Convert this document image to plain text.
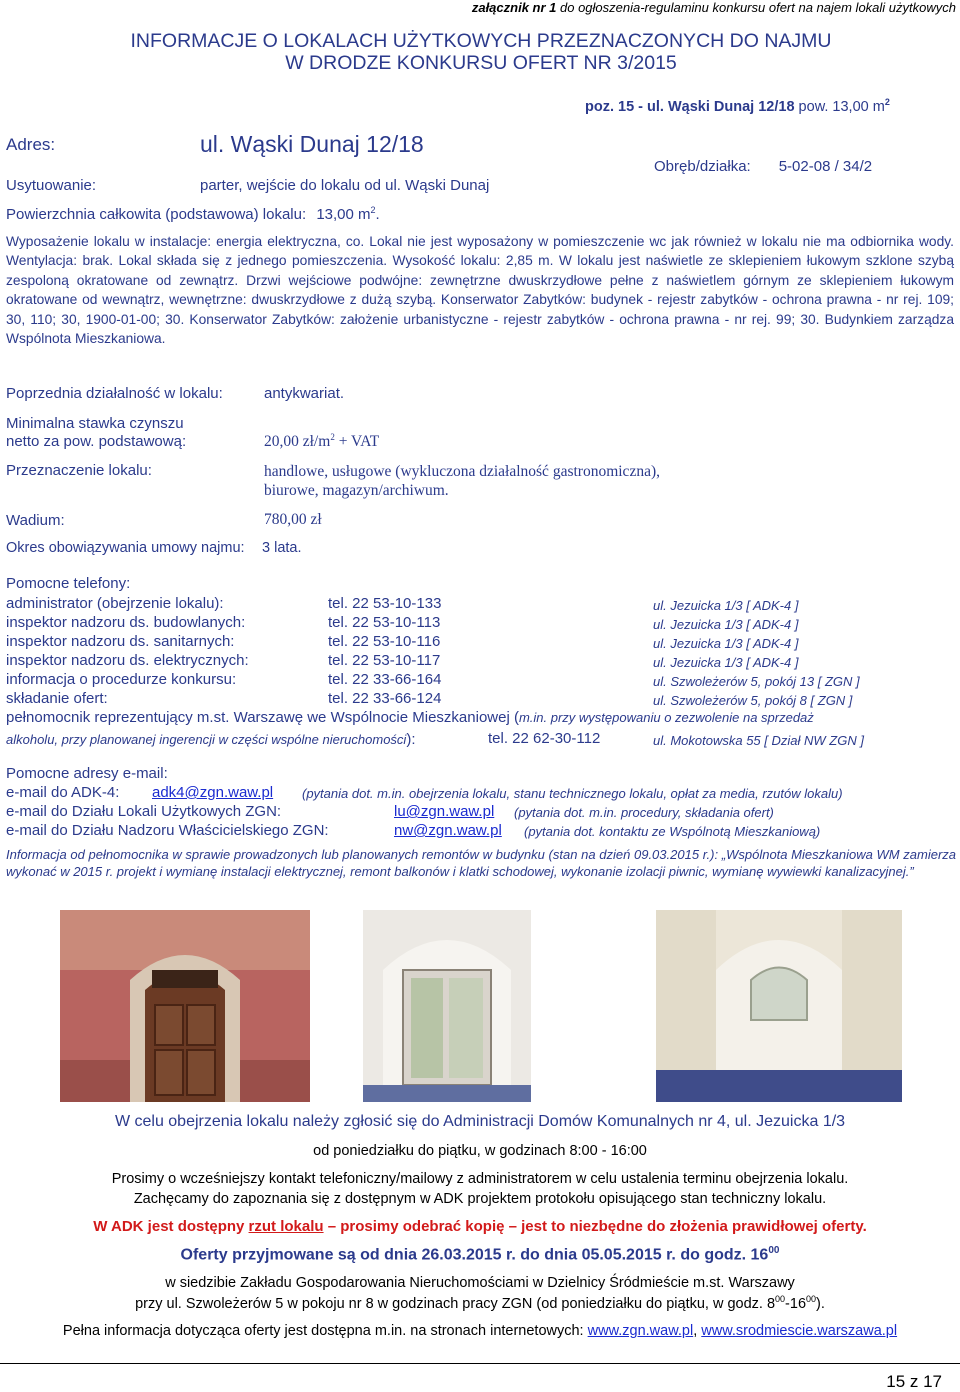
załącznik nr 1 do ogłoszenia-regulaminu konkursu ofert na najem lokali użytkowych
INFORMACJE O LOKALACH UŻYTKOWYCH PRZEZNACZONYCH DO NAJMU
W DRODZE KONKURSU OFERT NR 3/2015
poz. 15 - ul. Wąski Dunaj 12/18 pow. 13,00 $m^2$
Adres:	ul. Wąski Dunaj 12/18
Obręb/działka: 5-02-08 / 34/2
Usytuowanie:	parter, wejście do lokalu od ul. Wąski Dunaj
Powierzchnia całkowita (podstawowa) lokalu: 13,00 $m^2$.
Wyposażenie lokalu w instalacje: energia elektryczna, co. Lokal nie jest wyposażony w pomieszczenie wc jak również w lokalu nie ma odbiornika wody. Wentylacja: brak. Lokal składa się z jednego pomieszczenia. Wysokość lokalu: 2,85 m. W lokalu jest naświetle ze sklepieniem łukowym szklone szybą zespoloną okratowane od zewnątrz. Drzwi wejściowe podwójne: zewnętrzne dwuskrzydłowe pełne z naświetlem górnym ze sklepieniem łukowym okratowane od wewnątrz, wewnętrzne: dwuskrzydłowe z dużą szybą. Konserwator Zabytków: budynek - rejestr zabytków - ochrona prawna - nr rej. 109; 30, 110; 30, 1900-01-00; 30. Konserwator Zabytków: założenie urbanistyczne - rejestr zabytków - ochrona prawna - nr rej. 99; 30. Budynkiem zarządza Wspólnota Mieszkaniowa.
Poprzednia działalność w lokalu:	antykwariat.
Minimalna stawka czynszu
netto za pow. podstawową:	20,00 $zł/m^2$ + VAT
Przeznaczenie lokalu:	handlowe, usługowe (wykluczona działalność gastronomiczna),
biurowe, magazyn/archiwum.
Wadium:	780,00 zł
Okres obowiązywania umowy najmu: 3 lata.
Pomocne telefony:
administrator (obejrzenie lokalu):	tel. 22 53-10-133	ul. Jezuicka 1/3 [ ADK-4 ]
inspektor nadzoru ds. budowlanych:	tel. 22 53-10-113	ul. Jezuicka 1/3 [ ADK-4 ]
inspektor nadzoru ds. sanitarnych:	tel. 22 53-10-116	ul. Jezuicka 1/3 [ ADK-4 ]
inspektor nadzoru ds. elektrycznych:	tel. 22 53-10-117	ul. Jezuicka 1/3 [ ADK-4 ]
informacja o procedurze konkursu:	tel. 22 33-66-164	ul. Szwoleżerów 5, pokój 13 [ ZGN ]
składanie ofert:	tel. 22 33-66-124	ul. Szwoleżerów 5, pokój 8 [ ZGN ]
pełnomocnik reprezentujący m.st. Warszawę we Wspólnocie Mieszkaniowej (m.in. przy występowaniu o zezwolenie na sprzedaż
alkoholu, przy planowanej ingerencji w części wspólne nieruchomości):	tel. 22 62-30-112	ul. Mokotowska 55 [ Dział NW ZGN ]
Pomocne adresy e-mail:
e-mail do ADK-4: adk4@zgn.waw.pl (pytania dot. m.in. obejrzenia lokalu, stanu technicznego lokalu, opłat za media, rzutów lokalu)
e-mail do Działu Lokali Użytkowych ZGN:	lu@zgn.waw.pl (pytania dot. m.in. procedury, składania ofert)
e-mail do Działu Nadzoru Właścicielskiego ZGN:	nw@zgn.waw.pl (pytania dot. kontaktu ze Wspólnotą Mieszkaniową)
Informacja od pełnomocnika w sprawie prowadzonych lub planowanych remontów w budynku (stan na dzień 09.03.2015 r.): „Wspólnota Mieszkaniowa WM zamierza wykonać w 2015 r. projekt i wymianę instalacji elektrycznej, remont balkonów i klatki schodowej, wykonanie izolacji piwnic, wymianę wywiewki kanalizacyjnej.”
W celu obejrzenia lokalu należy zgłosić się do Administracji Domów Komunalnych nr 4, ul. Jezuicka 1/3
od poniedziałku do piątku, w godzinach 8:00 - 16:00
Prosimy o wcześniejszy kontakt telefoniczny/mailowy z administratorem w celu ustalenia terminu obejrzenia lokalu.
Zachęcamy do zapoznania się z dostępnym w ADK projektem protokołu opisującego stan techniczny lokalu.
W ADK jest dostępny rzut lokalu – prosimy odebrać kopię – jest to niezbędne do złożenia prawidłowej oferty.
Oferty przyjmowane są od dnia 26.03.2015 r. do dnia 05.05.2015 r. do godz. $16^{00}$
w siedzibie Zakładu Gospodarowania Nieruchomościami w Dzielnicy Śródmieście m.st. Warszawy
przy ul. Szwoleżerów 5 w pokoju nr 8 w godzinach pracy ZGN (od poniedziałku do piątku, w godz. $8^{00}-16^{00}$).
Pełna informacja dotycząca oferty jest dostępna m.in. na stronach internetowych: www.zgn.waw.pl, www.srodmiescie.warszawa.pl
15 z 17
